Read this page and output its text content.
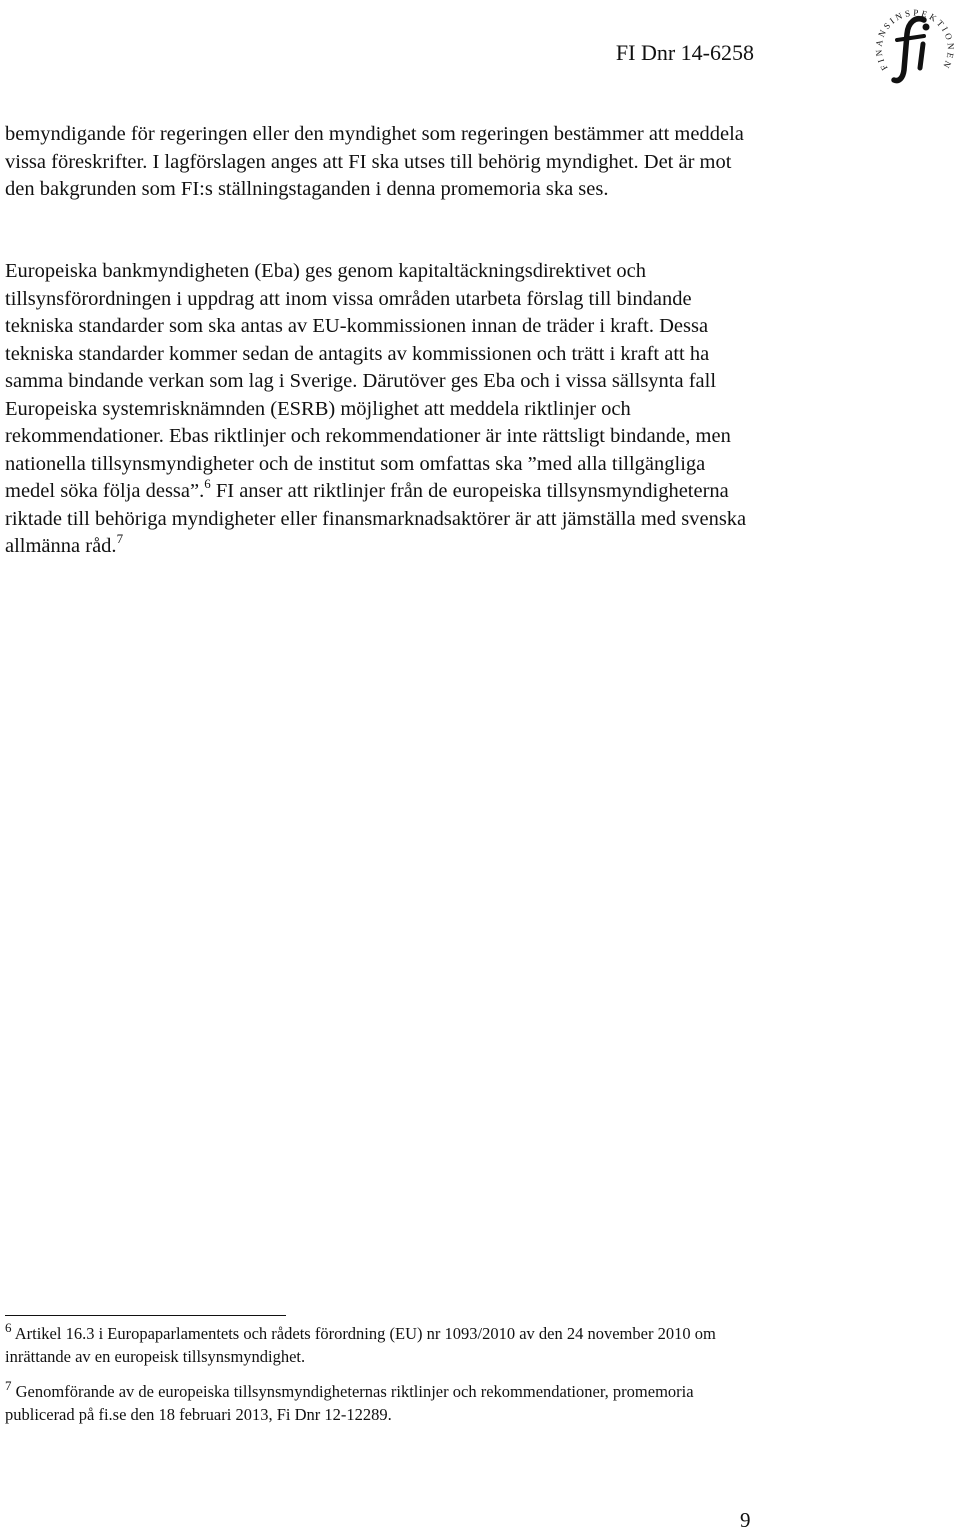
FI Dnr 14-6258
FINANSINSPEKTIONEN

bemyndigande för regeringen eller den myndighet som regeringen bestämmer att meddela vissa föreskrifter. I lagförslagen anges att FI ska utses till behörig myndighet. Det är mot den bakgrunden som FI:s ställningstaganden i denna promemoria ska ses.

Europeiska bankmyndigheten (Eba) ges genom kapitaltäckningsdirektivet och tillsynsförordningen i uppdrag att inom vissa områden utarbeta förslag till bindande tekniska standarder som ska antas av EU-kommissionen innan de träder i kraft. Dessa tekniska standarder kommer sedan de antagits av kommissionen och trätt i kraft att ha samma bindande verkan som lag i Sverige. Därutöver ges Eba och i vissa sällsynta fall Europeiska systemrisknämnden (ESRB) möjlighet att meddela riktlinjer och rekommendationer. Ebas riktlinjer och rekommendationer är inte rättsligt bindande, men nationella tillsynsmyndigheter och de institut som omfattas ska ”med alla tillgängliga medel söka följa dessa”.$^6$ FI anser att riktlinjer från de europeiska tillsynsmyndigheterna riktade till behöriga myndigheter eller finansmarknadsaktörer är att jämställa med svenska allmänna råd.$^7$

$^6$ Artikel 16.3 i Europaparlamentets och rådets förordning (EU) nr 1093/2010 av den 24 november 2010 om inrättande av en europeisk tillsynsmyndighet.
$^7$ Genomförande av de europeiska tillsynsmyndigheternas riktlinjer och rekommendationer, promemoria publicerad på fi.se den 18 februari 2013, Fi Dnr 12-12289.
9
